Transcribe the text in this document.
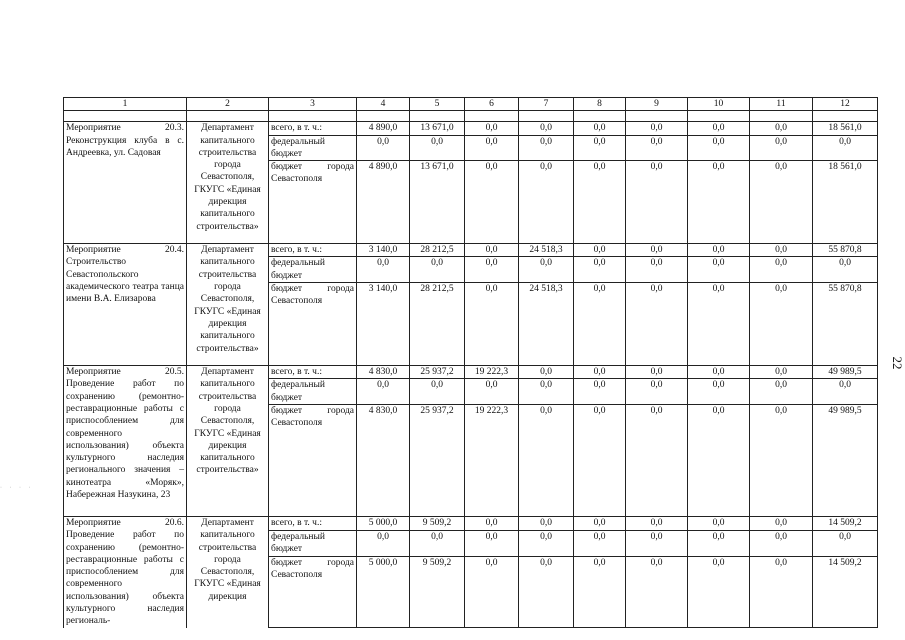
1	2	3	4	5	6	7	8	9	10	11	12

Мероприятие 20.3. Реконструкция клуба в с. Андреевка, ул. Садовая	Департамент капитального строительства города Севастополя, ГКУГС «Единая дирекция капитального строительства»	всего, в т. ч.:	4 890,0	13 671,0	0,0	0,0	0,0	0,0	0,0	0,0	18 561,0
		федеральный бюджет	0,0	0,0	0,0	0,0	0,0	0,0	0,0	0,0	0,0
		бюджет города Севастополя	4 890,0	13 671,0	0,0	0,0	0,0	0,0	0,0	0,0	18 561,0
Мероприятие 20.4. Строительство Севастопольского академического театра танца имени В.А. Елизарова	Департамент капитального строительства города Севастополя, ГКУГС «Единая дирекция капитального строительства»	всего, в т. ч.:	3 140,0	28 212,5	0,0	24 518,3	0,0	0,0	0,0	0,0	55 870,8
		федеральный бюджет	0,0	0,0	0,0	0,0	0,0	0,0	0,0	0,0	0,0
		бюджет города Севастополя	3 140,0	28 212,5	0,0	24 518,3	0,0	0,0	0,0	0,0	55 870,8
Мероприятие 20.5. Проведение работ по сохранению (ремонтно-реставрационные работы с приспособлением для современного использования) объекта культурного наследия регионального значения – кинотеатра «Моряк», Набережная Назукина, 23	Департамент капитального строительства города Севастополя, ГКУГС «Единая дирекция капитального строительства»	всего, в т. ч.:	4 830,0	25 937,2	19 222,3	0,0	0,0	0,0	0,0	0,0	49 989,5
		федеральный бюджет	0,0	0,0	0,0	0,0	0,0	0,0	0,0	0,0	0,0
		бюджет города Севастополя	4 830,0	25 937,2	19 222,3	0,0	0,0	0,0	0,0	0,0	49 989,5
Мероприятие 20.6. Проведение работ по сохранению (ремонтно-реставрационные работы с приспособлением для современного использования) объекта культурного наследия региональ-	Департамент капитального строительства города Севастополя, ГКУГС «Единая дирекция	всего, в т. ч.:	5 000,0	9 509,2	0,0	0,0	0,0	0,0	0,0	0,0	14 509,2
		федеральный бюджет	0,0	0,0	0,0	0,0	0,0	0,0	0,0	0,0	0,0
		бюджет города Севастополя	5 000,0	9 509,2	0,0	0,0	0,0	0,0	0,0	0,0	14 509,2
22
· · · ·
